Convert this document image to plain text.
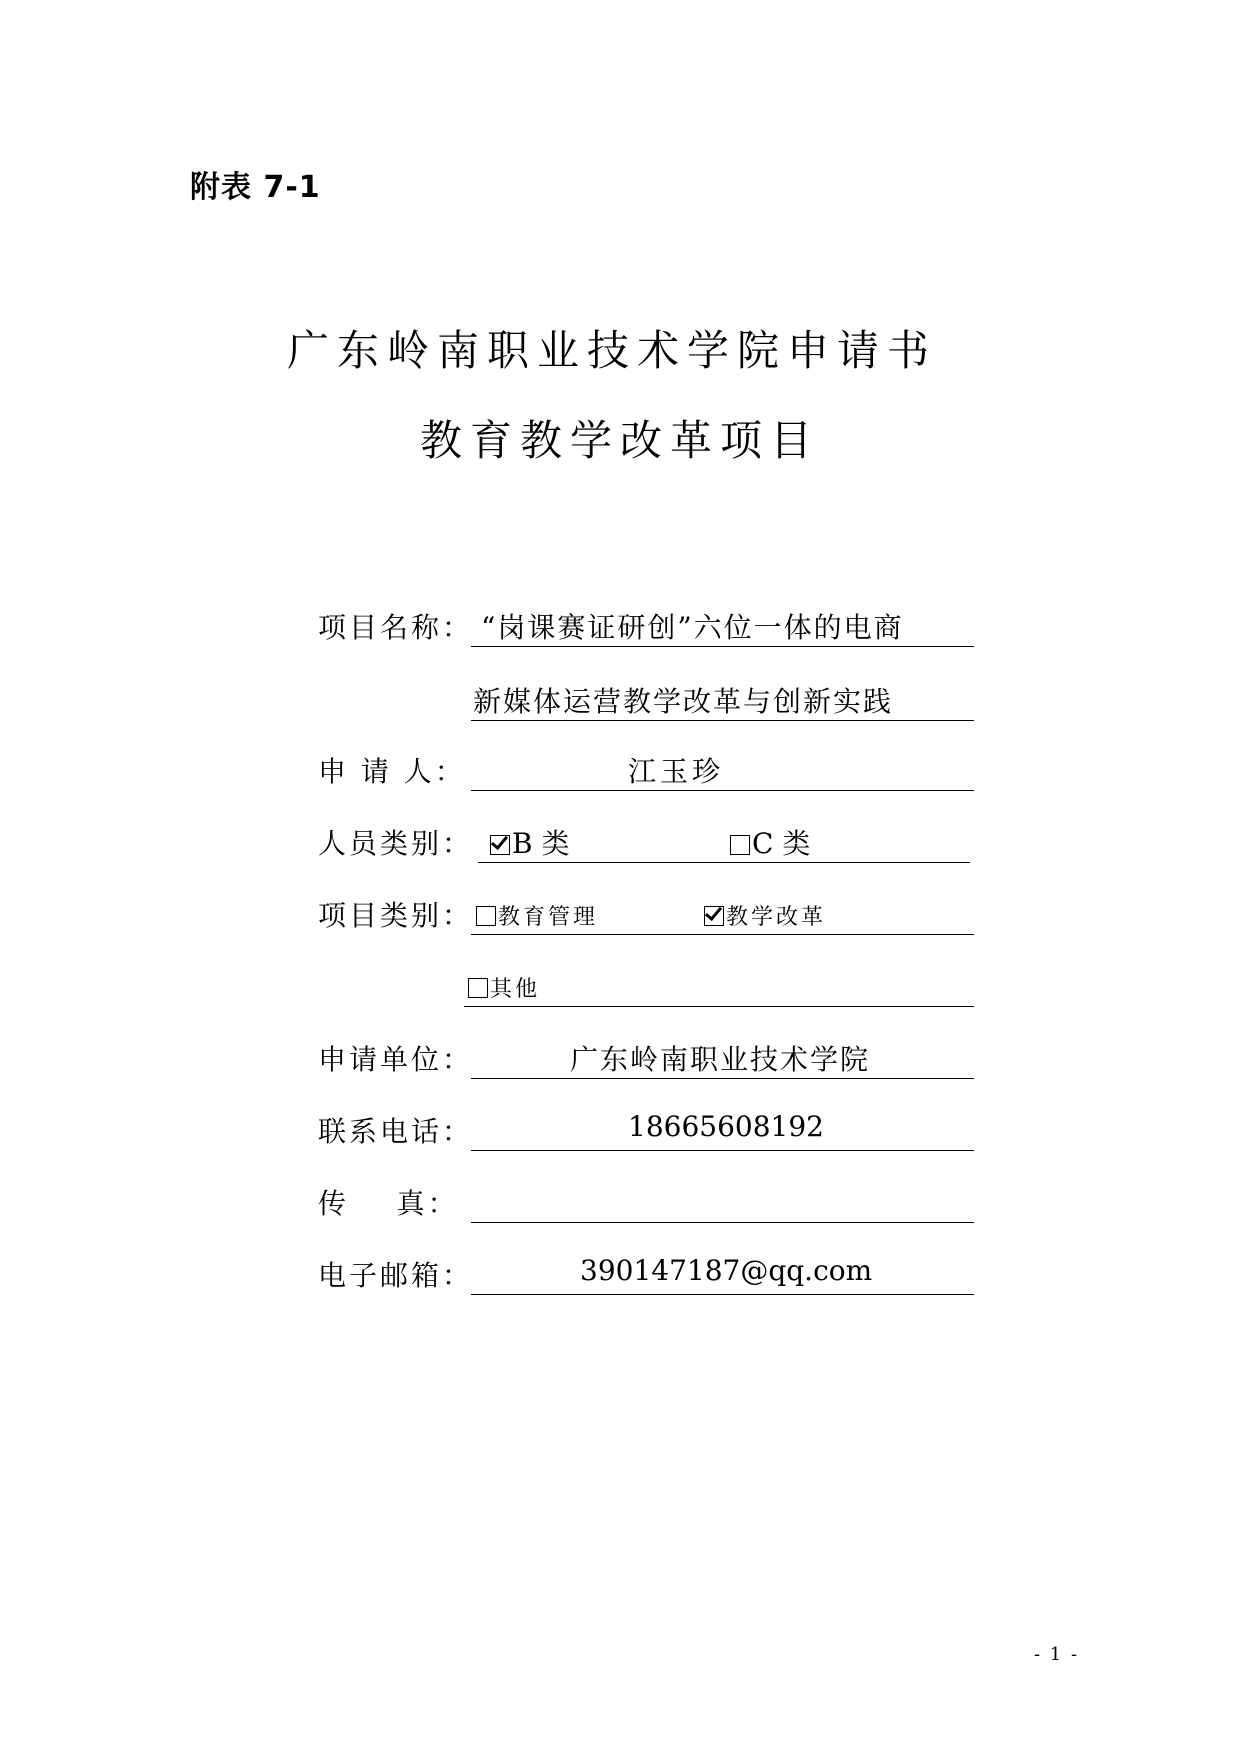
附表 7-1
广东岭南职业技术学院申请书
教育教学改革项目
项目名称： “岗课赛证研创”六位一体的电商
新媒体运营教学改革与创新实践
申 请 人：	江玉珍
人员类别：	B 类	C 类
项目类别：	教育管理	教学改革
其他
申请单位：	广东岭南职业技术学院
联系电话：	18665608192
传    真：
电子邮箱：	390147187@qq.com
- 1 -
